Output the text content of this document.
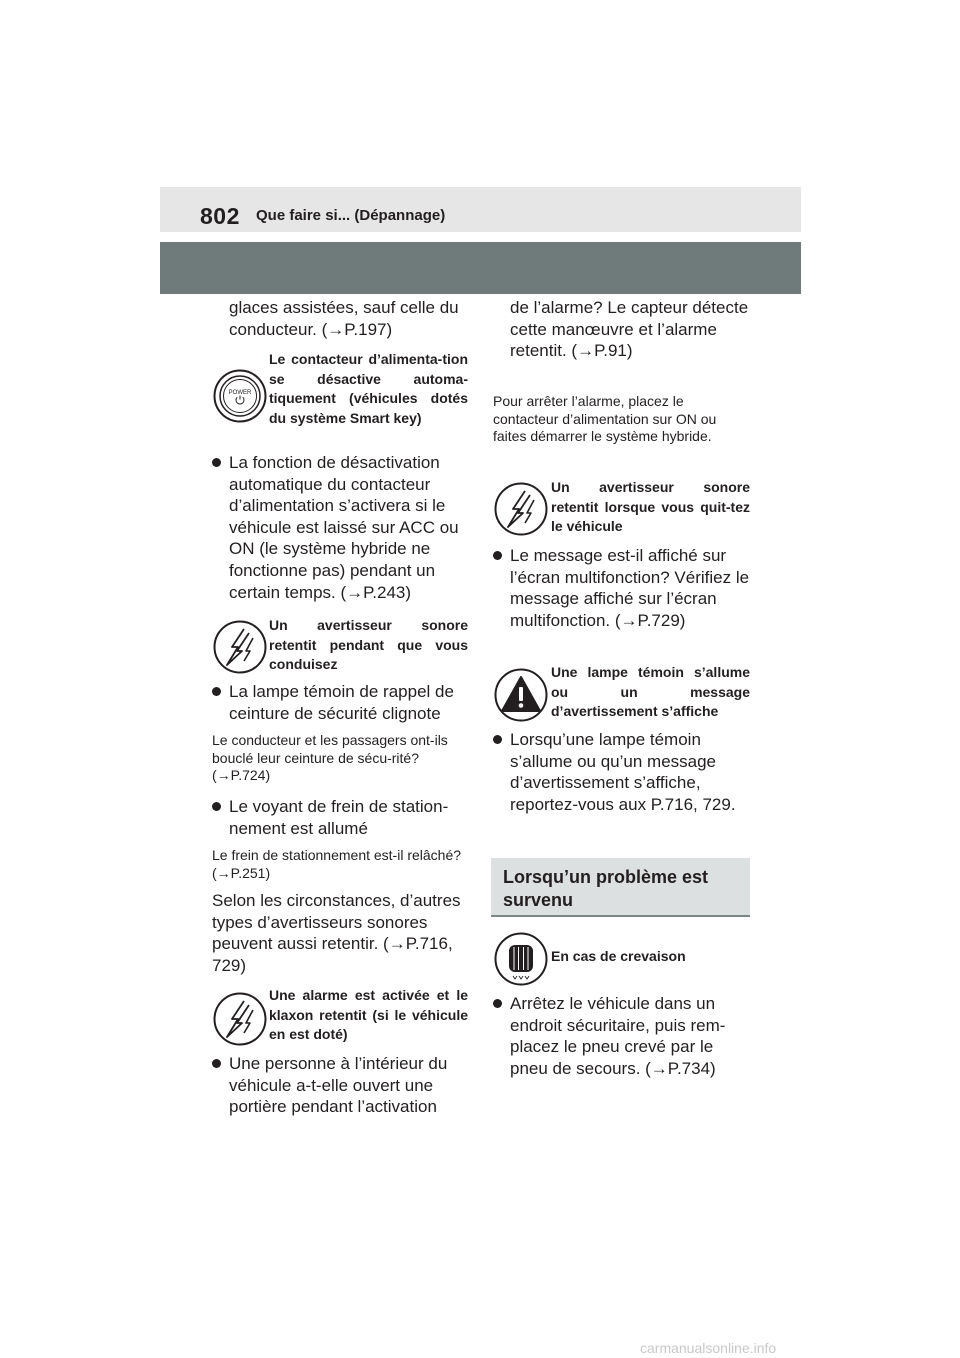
802 Que faire si... (Dépannage)
glaces assistées, sauf celle du conducteur. (→P.197)
POWER
Le contacteur d’alimenta-tion se désactive automa-tiquement (véhicules dotés du système Smart key)
La fonction de désactivation automatique du contacteur d’alimentation s’activera si le véhicule est laissé sur ACC ou ON (le système hybride ne fonctionne pas) pendant un certain temps. (→P.243)
Un avertisseur sonore retentit pendant que vous conduisez
La lampe témoin de rappel de ceinture de sécurité clignote
Le conducteur et les passagers ont-ils bouclé leur ceinture de sécu-rité? (→P.724)
Le voyant de frein de station-nement est allumé
Le frein de stationnement est-il relâché? (→P.251)
Selon les circonstances, d’autres types d’avertisseurs sonores peuvent aussi retentir. (→P.716, 729)
Une alarme est activée et le klaxon retentit (si le véhicule en est doté)
Une personne à l’intérieur du véhicule a-t-elle ouvert une portière pendant l’activation
de l’alarme? Le capteur détecte cette manœuvre et l’alarme retentit. (→P.91)
Pour arrêter l’alarme, placez le contacteur d’alimentation sur ON ou faites démarrer le système hybride.
Un avertisseur sonore retentit lorsque vous quit-tez le véhicule
Le message est-il affiché sur l’écran multifonction? Vérifiez le message affiché sur l’écran multifonction. (→P.729)
Une lampe témoin s’allume ou un message d’avertissement s’affiche
Lorsqu’une lampe témoin s’allume ou qu’un message d’avertissement s’affiche, reportez-vous aux P.716, 729.
Lorsqu’un problème est survenu
En cas de crevaison
Arrêtez le véhicule dans un endroit sécuritaire, puis rem-placez le pneu crevé par le pneu de secours. (→P.734)
carmanualsonline.info
